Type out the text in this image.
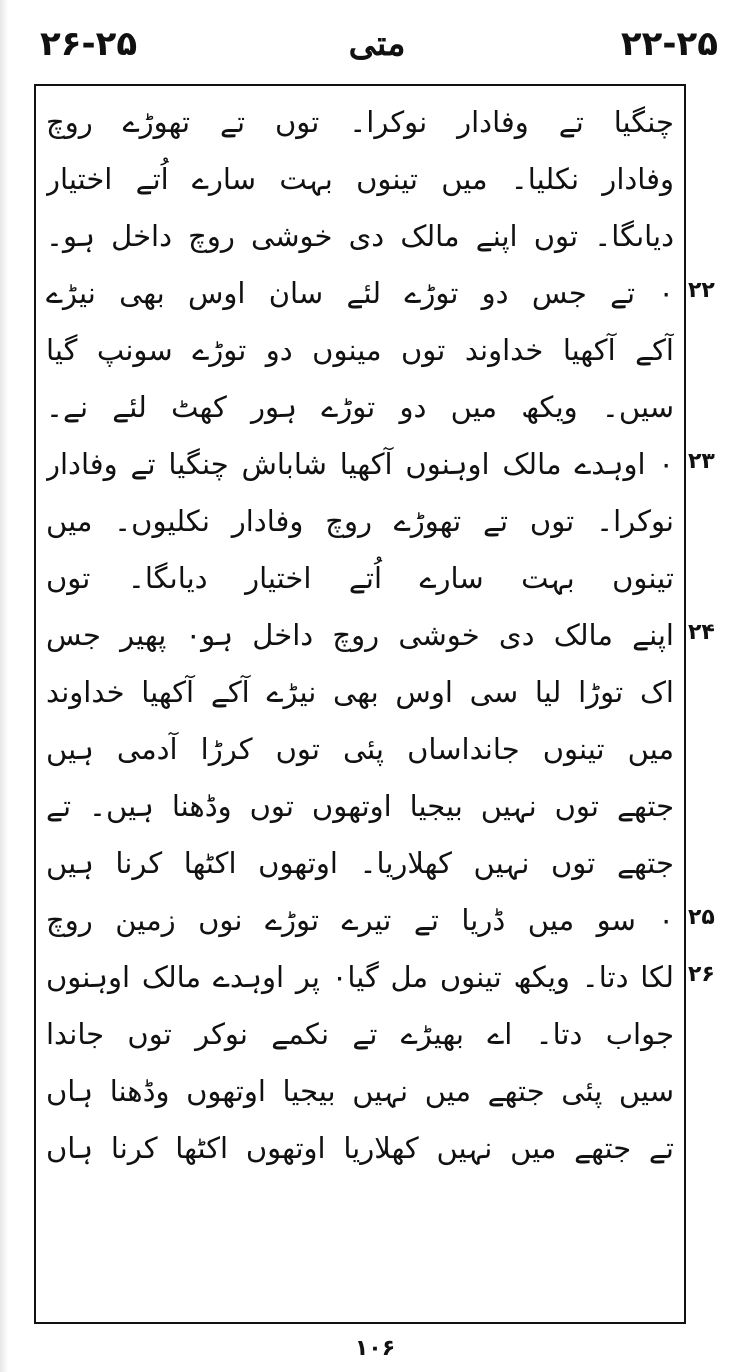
۲۶-۲۵	متی	۲۲-۲۵
چنگیا تے وفادار نوکرا۔ توں تے تھوڑے روچ
وفادار نکلیا۔ میں تینوں بہت سارے اُتے اختیار
دیاںگا۔ توں اپنے مالک دی خوشی روچ داخل ہو۔
۰ تے جس دو توڑے لئے سان اوس بھی نیڑے
آکے آکھیا خداوند توں مینوں دو توڑے سونپ گیا
سیں۔ ویکھ میں دو توڑے ہور کھٹ لئے نے۔
۰ اوہدے مالک اوہنوں آکھیا شاباش چنگیا تے وفادار
نوکرا۔ توں تے تھوڑے روچ وفادار نکلیوں۔ میں
تینوں بہت سارے اُتے اختیار دیاںگا۔ توں
اپنے مالک دی خوشی روچ داخل ہو۰ پھیر جس
اک توڑا لیا سی اوس بھی نیڑے آکے آکھیا خداوند
میں تینوں جانداساں پئی توں کرڑا آدمی ہیں
جتھے توں نہیں بیجیا اوتھوں توں وڈھنا ہیں۔ تے
جتھے توں نہیں کھلاریا۔ اوتھوں اکٹھا کرنا ہیں
۰ سو میں ڈریا تے تیرے توڑے نوں زمین روچ
لکا دتا۔ ویکھ تینوں مل گیا۰ پر اوہدے مالک اوہنوں
جواب دتا۔ اے بھیڑے تے نکمے نوکر توں جاندا
سیں پئی جتھے میں نہیں بیجیا اوتھوں وڈھنا ہاں
تے جتھے میں نہیں کھلاریا اوتھوں اکٹھا کرنا ہاں
۲۲
۲۳
۲۴
۲۵
۲۶
۱۰۶
